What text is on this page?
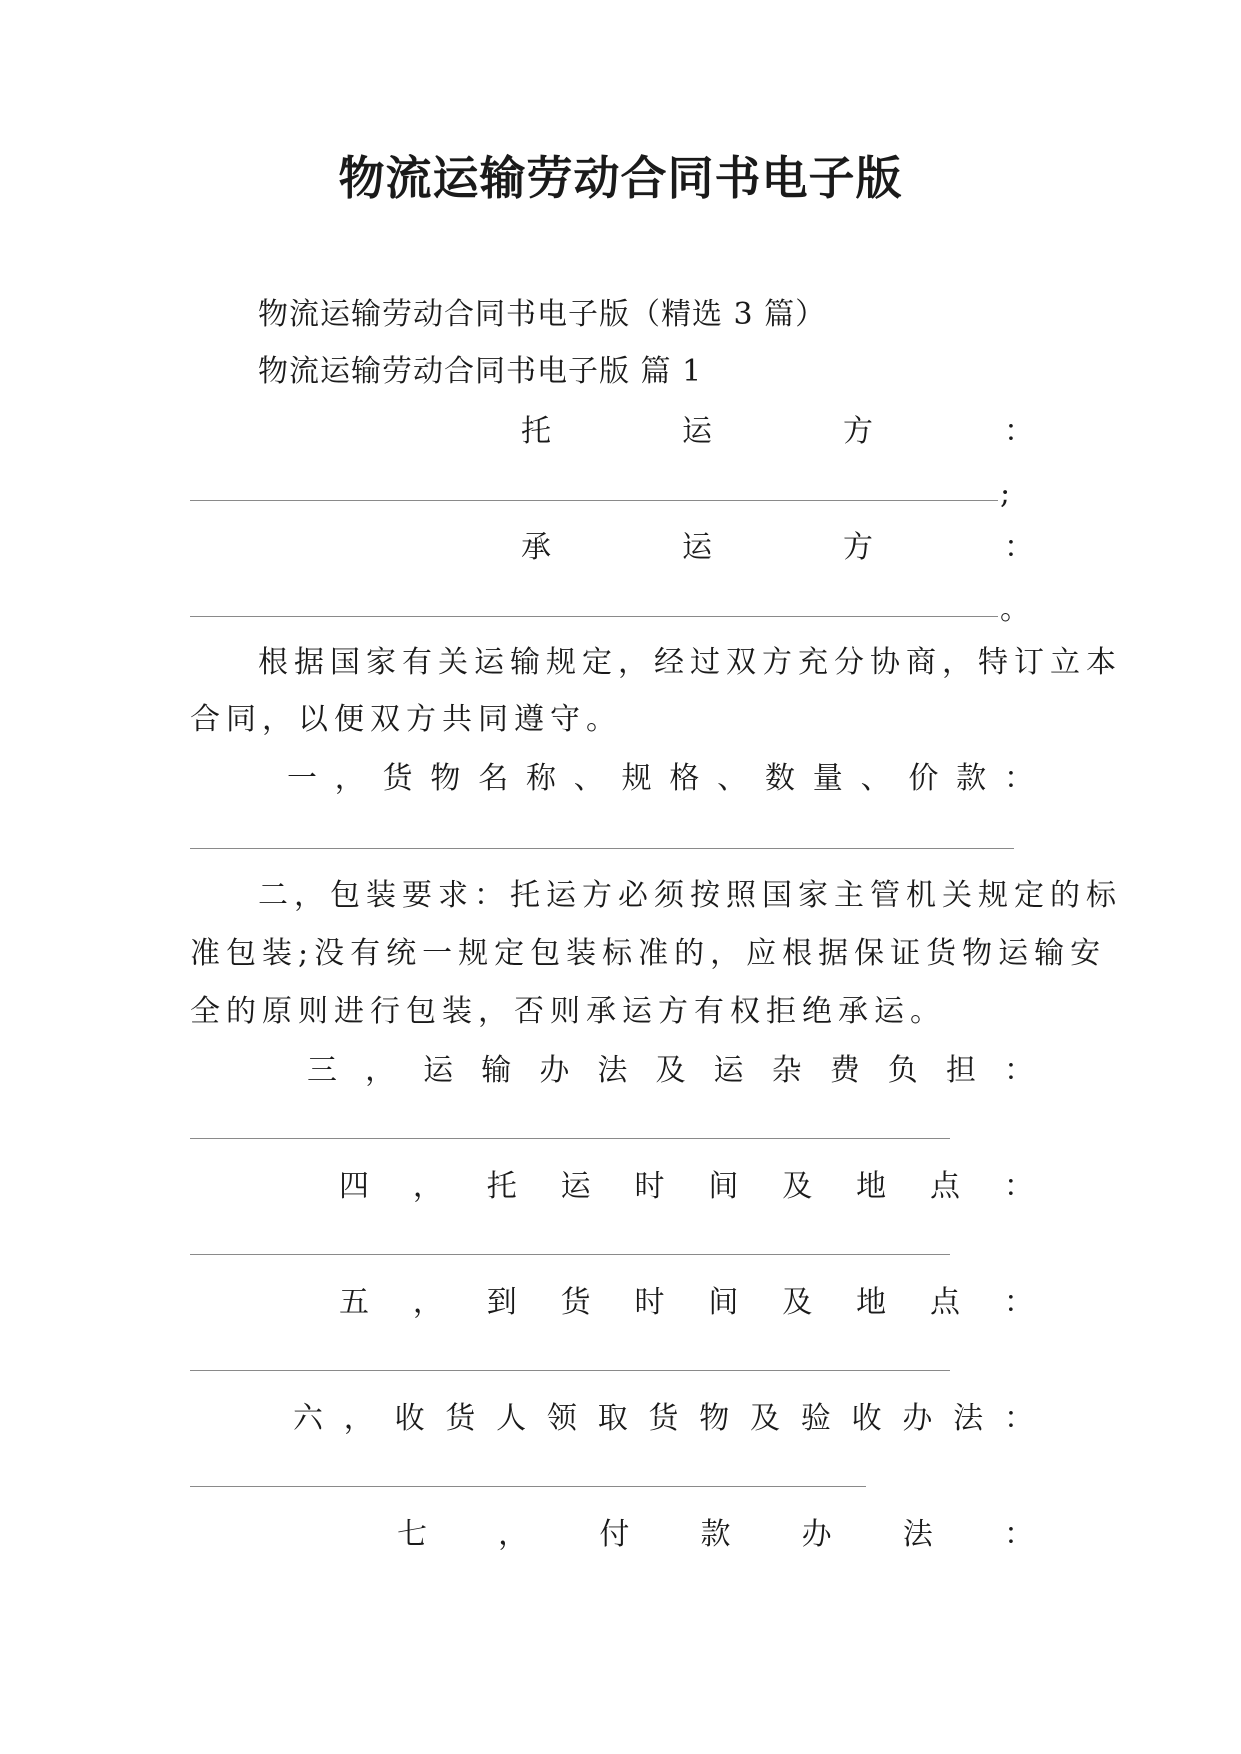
物流运输劳动合同书电子版
物流运输劳动合同书电子版（精选 3 篇）
物流运输劳动合同书电子版 篇 1
托	运	方	：
;
承	运	方	：
。
根据国家有关运输规定，经过双方充分协商，特订立本
合同，以便双方共同遵守。
一 ， 货 物 名 称 、 规 格 、 数 量 、 价 款 ：
二，包装要求：托运方必须按照国家主管机关规定的标
准包装;没有统一规定包装标准的，应根据保证货物运输安
全的原则进行包装，否则承运方有权拒绝承运。
三 ， 运 输 办 法 及 运 杂 费 负 担 ：
四 ， 托 运 时 间 及 地 点 ：
五 ， 到 货 时 间 及 地 点 ：
六 ， 收 货 人 领 取 货 物 及 验 收 办 法 ：
七 ， 付 款 办 法 ：
